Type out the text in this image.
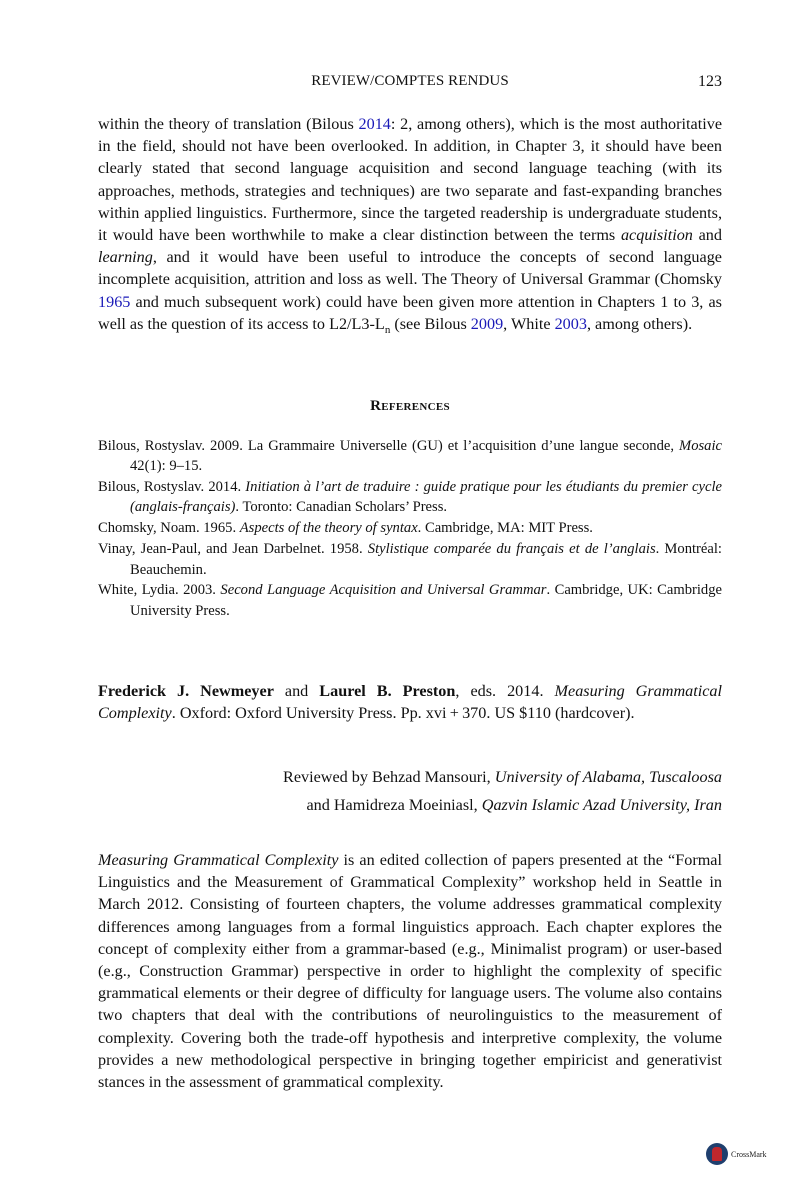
REVIEW/COMPTES RENDUS	123

within the theory of translation (Bilous 2014: 2, among others), which is the most authoritative in the field, should not have been overlooked. In addition, in Chapter 3, it should have been clearly stated that second language acquisition and second language teaching (with its approaches, methods, strategies and techniques) are two separate and fast-expanding branches within applied linguistics. Furthermore, since the targeted readership is undergraduate students, it would have been worthwhile to make a clear distinction between the terms acquisition and learning, and it would have been useful to introduce the concepts of second language incomplete acquisition, attrition and loss as well. The Theory of Universal Grammar (Chomsky 1965 and much subsequent work) could have been given more attention in Chapters 1 to 3, as well as the question of its access to $L2/L3-L_n$ (see Bilous 2009, White 2003, among others).

References

Bilous, Rostyslav. 2009. La Grammaire Universelle (GU) et l’acquisition d’une langue seconde, Mosaic 42(1): 9–15.

Bilous, Rostyslav. 2014. Initiation à l’art de traduire : guide pratique pour les étudiants du premier cycle (anglais-français). Toronto: Canadian Scholars’ Press.

Chomsky, Noam. 1965. Aspects of the theory of syntax. Cambridge, MA: MIT Press.

Vinay, Jean-Paul, and Jean Darbelnet. 1958. Stylistique comparée du français et de l’anglais. Montréal: Beauchemin.

White, Lydia. 2003. Second Language Acquisition and Universal Grammar. Cambridge, UK: Cambridge University Press.

Frederick J. Newmeyer and Laurel B. Preston, eds. 2014. Measuring Grammatical Complexity. Oxford: Oxford University Press. Pp. xvi + 370. US $110 (hardcover).

Reviewed by Behzad Mansouri, University of Alabama, Tuscaloosa
and Hamidreza Moeiniasl, Qazvin Islamic Azad University, Iran

Measuring Grammatical Complexity is an edited collection of papers presented at the “Formal Linguistics and the Measurement of Grammatical Complexity” workshop held in Seattle in March 2012. Consisting of fourteen chapters, the volume addresses grammatical complexity differences among languages from a formal linguistics approach. Each chapter explores the concept of complexity either from a grammar-based (e.g., Minimalist program) or user-based (e.g., Construction Grammar) perspective in order to highlight the complexity of specific grammatical elements or their degree of difficulty for language users. The volume also contains two chapters that deal with the contributions of neurolinguistics to the measurement of complexity. Covering both the trade-off hypothesis and interpretive complexity, the volume provides a new methodological perspective in bringing together empiricist and generativist stances in the assessment of grammatical complexity.

CrossMark
